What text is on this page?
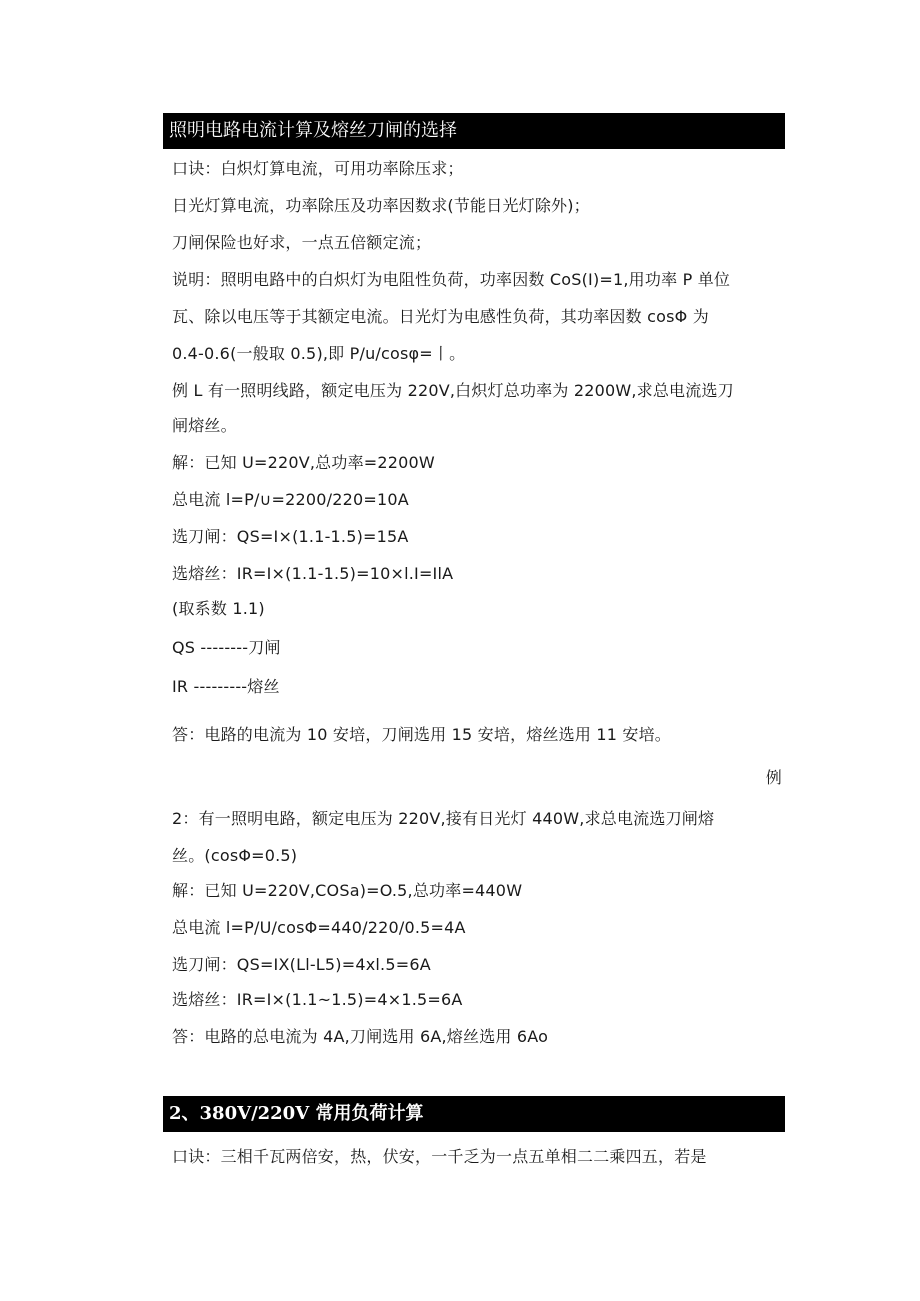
照明电路电流计算及熔丝刀闸的选择
口诀：白炽灯算电流，可用功率除压求；
日光灯算电流，功率除压及功率因数求(节能日光灯除外)；
刀闸保险也好求，一点五倍额定流；
说明：照明电路中的白炽灯为电阻性负荷，功率因数 CoS(I)=1,用功率 P 单位
瓦、除以电压等于其额定电流。日光灯为电感性负荷，其功率因数 cosΦ 为
0.4-0.6(一般取 0.5),即 P/u/cosφ=丨。
例 L 有一照明线路，额定电压为 220V,白炽灯总功率为 2200W,求总电流选刀
闸熔丝。
解：已知 U=220V,总功率=2200W
总电流 l=P/∪=2200/220=10A
选刀闸：QS=I×(1.1-1.5)=15A
选熔丝：IR=I×(1.1-1.5)=10×l.I=IlA
(取系数 1.1)
QS --------刀闸
IR ---------熔丝
答：电路的电流为 10 安培，刀闸选用 15 安培，熔丝选用 11 安培。
例
2：有一照明电路，额定电压为 220V,接有日光灯 440W,求总电流选刀闸熔
丝。(cosΦ=0.5)
解：已知 U=220V,COSa)=O.5,总功率=440W
总电流 l=P/U/cosΦ=440/220/0.5=4A
选刀闸：QS=IX(Ll-L5)=4xl.5=6A
选熔丝：IR=I×(1.1~1.5)=4×1.5=6A
答：电路的总电流为 4A,刀闸选用 6A,熔丝选用 6Ao
2、380V/220V 常用负荷计算
口诀：三相千瓦两倍安，热，伏安，一千乏为一点五单相二二乘四五，若是
